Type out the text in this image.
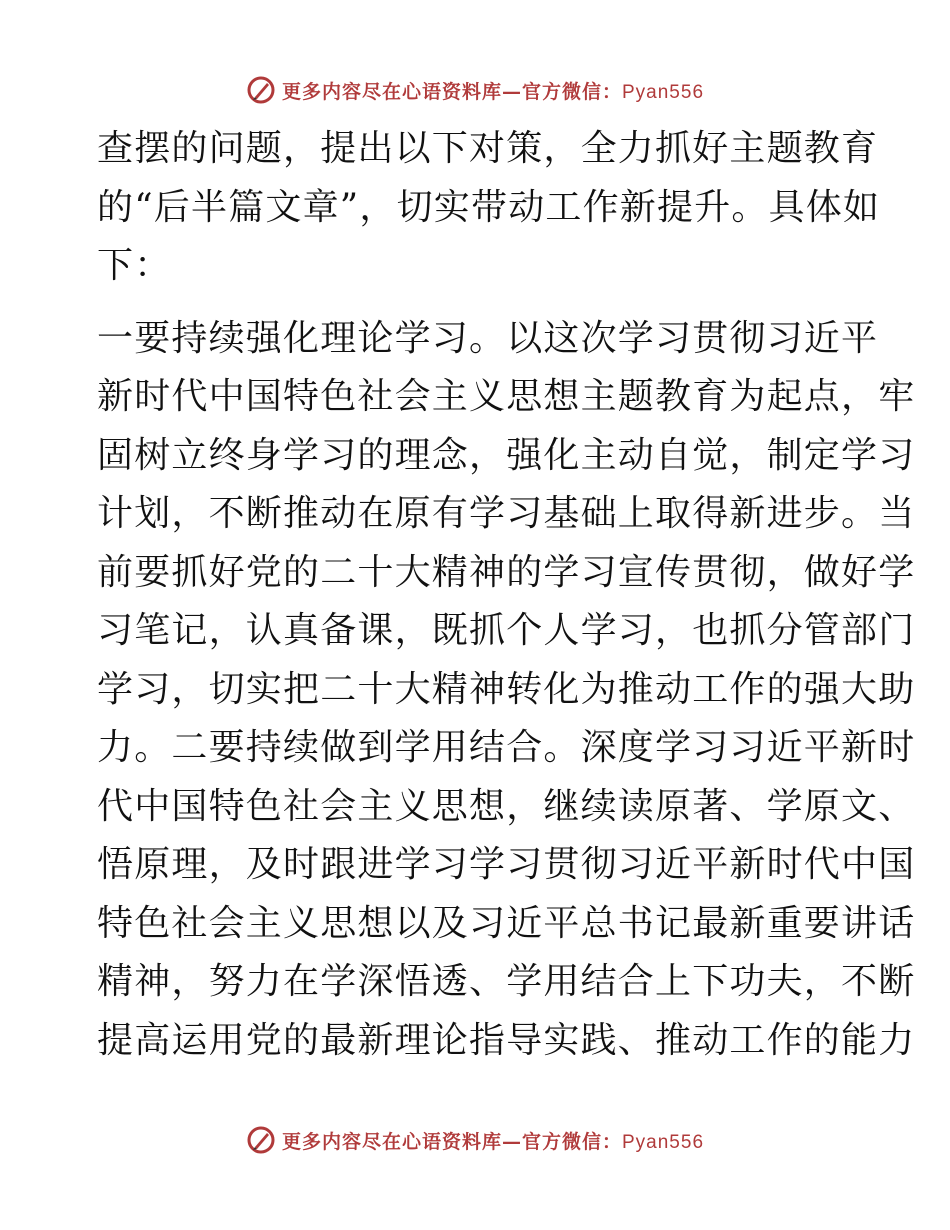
更多内容尽在心语资料库—官方微信：Pyan556
查摆的问题，提出以下对策，全力抓好主题教育
的“后半篇文章”，切实带动工作新提升。具体如
下：
一要持续强化理论学习。以这次学习贯彻习近平
新时代中国特色社会主义思想主题教育为起点，牢
固树立终身学习的理念，强化主动自觉，制定学习
计划，不断推动在原有学习基础上取得新进步。当
前要抓好党的二十大精神的学习宣传贯彻，做好学
习笔记，认真备课，既抓个人学习，也抓分管部门
学习，切实把二十大精神转化为推动工作的强大助
力。二要持续做到学用结合。深度学习习近平新时
代中国特色社会主义思想，继续读原著、学原文、
悟原理，及时跟进学习学习贯彻习近平新时代中国
特色社会主义思想以及习近平总书记最新重要讲话
精神，努力在学深悟透、学用结合上下功夫，不断
提高运用党的最新理论指导实践、推动工作的能力
更多内容尽在心语资料库—官方微信：Pyan556
